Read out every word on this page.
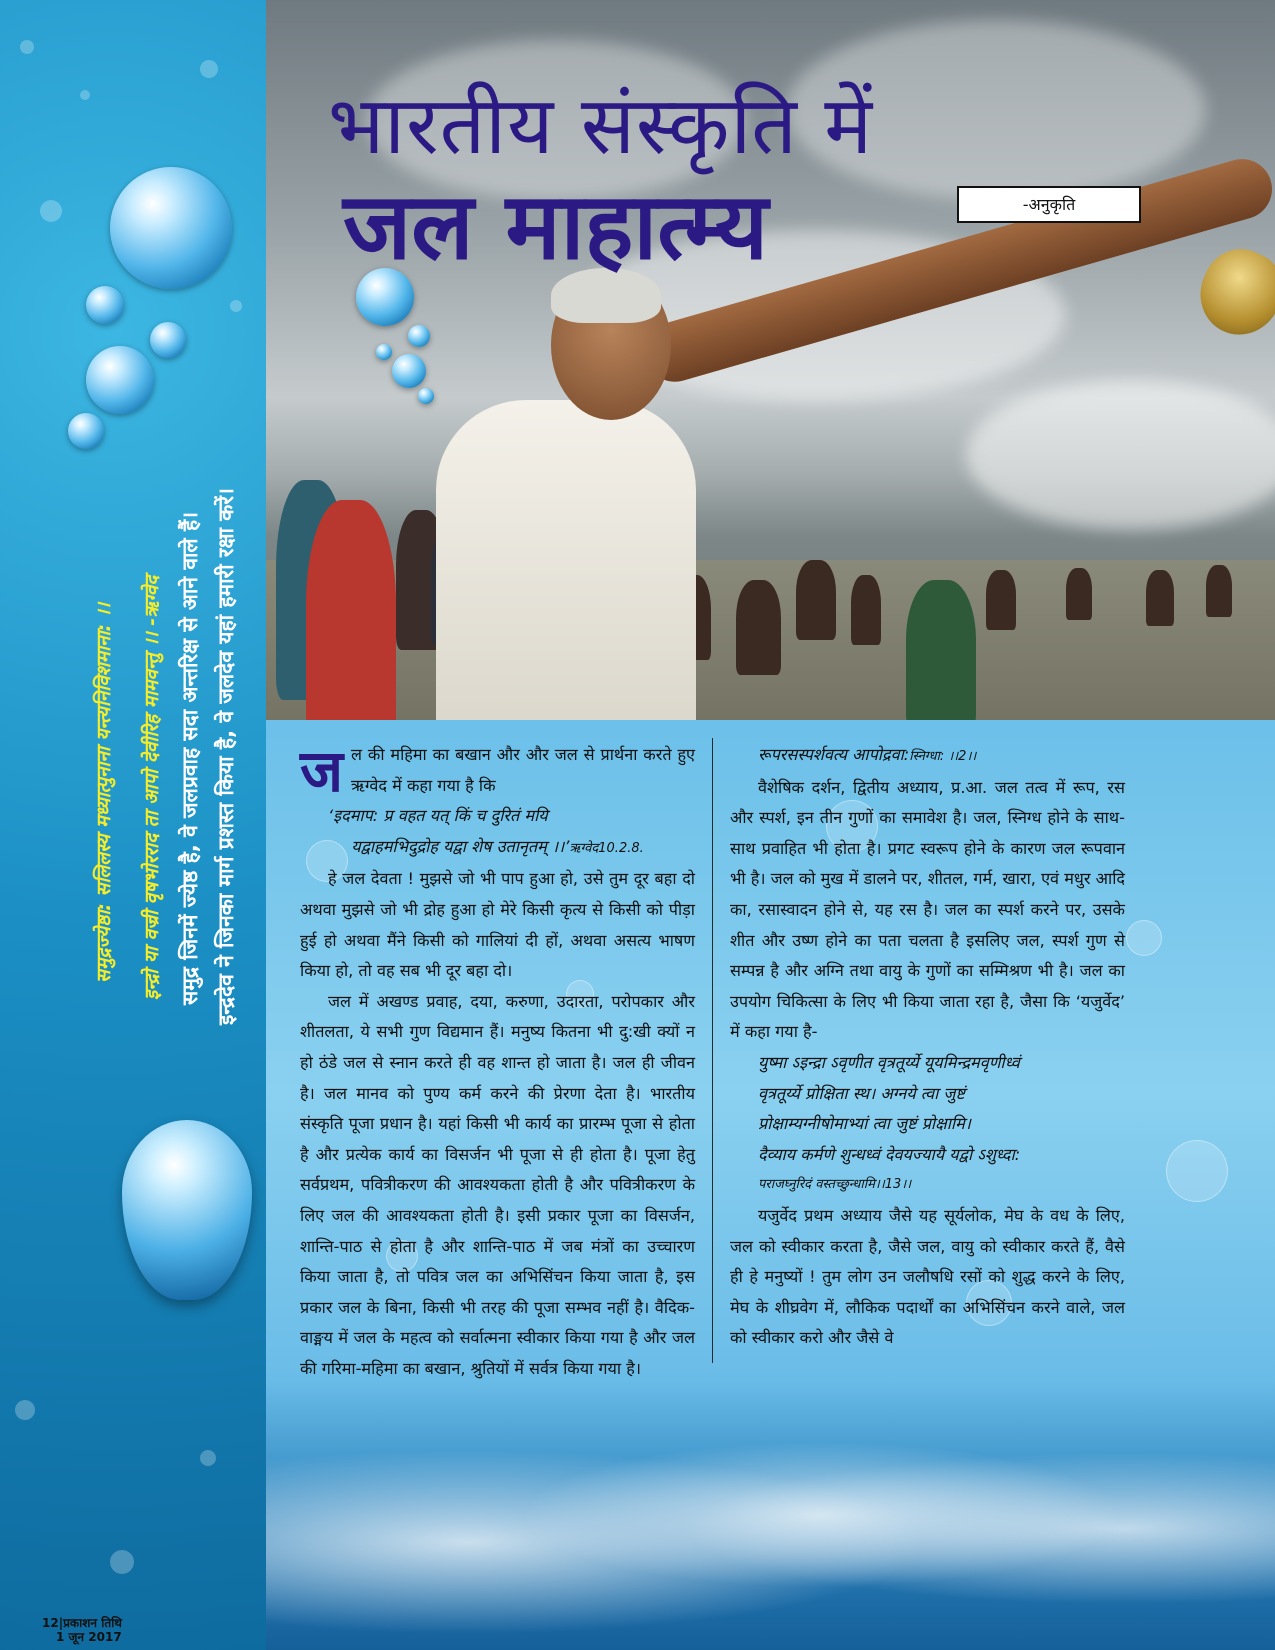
समुद्रज्येष्ठा: सलिलस्य मध्यात्पुनाना यन्त्यनिविशमाना: ।। इन्द्रो या वज्री वृषभोरराद ता आपो देवीरिह मामवन्तु ।। -ऋग्वेद समुद्र जिनमें ज्येष्ठ है, वे जलप्रवाह सदा अन्तरिक्ष से आने वाले हैं। इन्द्रदेव ने जिनका मार्ग प्रशस्त किया है, वे जलदेव यहां हमारी रक्षा करें।
भारतीय संस्कृति में
जल माहात्म्य	-अनुकृति

जल की महिमा का बखान और और जल से प्रार्थना करते हुए ऋग्वेद में कहा गया है कि

‘इदमाप: प्र वहत यत् किं च दुरितं मयि

यद्वाहमभिदुद्रोह यद्वा शेष उतानृतम् ।।’ऋग्वेद10.2.8.

हे जल देवता ! मुझसे जो भी पाप हुआ हो, उसे तुम दूर बहा दो अथवा मुझसे जो भी द्रोह हुआ हो मेरे किसी कृत्य से किसी को पीड़ा हुई हो अथवा मैंने किसी को गालियां दी हों, अथवा असत्य भाषण किया हो, तो वह सब भी दूर बहा दो।

जल में अखण्ड प्रवाह, दया, करुणा, उदारता, परोपकार और शीतलता, ये सभी गुण विद्यमान हैं। मनुष्य कितना भी दु:खी क्यों न हो ठंडे जल से स्नान करते ही वह शान्त हो जाता है। जल ही जीवन है। जल मानव को पुण्य कर्म करने की प्रेरणा देता है। भारतीय संस्कृति पूजा प्रधान है। यहां किसी भी कार्य का प्रारम्भ पूजा से होता है और प्रत्येक कार्य का विसर्जन भी पूजा से ही होता है। पूजा हेतु सर्वप्रथम, पवित्रीकरण की आवश्यकता होती है और पवित्रीकरण के लिए जल की आवश्यकता होती है। इसी प्रकार पूजा का विसर्जन, शान्ति-पाठ से होता है और शान्ति-पाठ में जब मंत्रों का उच्चारण किया जाता है, तो पवित्र जल का अभिसिंचन किया जाता है, इस प्रकार जल के बिना, किसी भी तरह की पूजा सम्भव नहीं है। वैदिक-वाङ्मय में जल के महत्व को सर्वात्मना स्वीकार किया गया है और जल की गरिमा-महिमा का बखान, श्रुतियों में सर्वत्र किया गया है।

रूपरसस्पर्शवत्य आपोद्रवा:स्निग्धा: ।।2।।

वैशेषिक दर्शन, द्वितीय अध्याय, प्र.आ. जल तत्व में रूप, रस और स्पर्श, इन तीन गुणों का समावेश है। जल, स्निग्ध होने के साथ-साथ प्रवाहित भी होता है। प्रगट स्वरूप होने के कारण जल रूपवान भी है। जल को मुख में डालने पर, शीतल, गर्म, खारा, एवं मधुर आदि का, रसास्वादन होने से, यह रस है। जल का स्पर्श करने पर, उसके शीत और उष्ण होने का पता चलता है इसलिए जल, स्पर्श गुण से सम्पन्न है और अग्नि तथा वायु के गुणों का सम्मिश्रण भी है। जल का उपयोग चिकित्सा के लिए भी किया जाता रहा है, जैसा कि ‘यजुर्वेद’ में कहा गया है-

युष्मा ऽइन्द्रा ऽवृणीत वृत्रतूर्य्ये यूयमिन्द्रमवृणीध्वं

वृत्रतूर्य्ये प्रोक्षिता स्थ। अग्नये त्वा जुष्टं

प्रोक्षाम्यग्नीषोमाभ्यां त्वा जुष्टं प्रोक्षामि।

दैव्याय कर्मणे शुन्धध्वं देवयज्यायै यद्वो ऽशुध्दा:

पराजघ्नुरिदं वस्तच्छुन्धामि।।13।।

यजुर्वेद प्रथम अध्याय जैसे यह सूर्यलोक, मेघ के वध के लिए, जल को स्वीकार करता है, जैसे जल, वायु को स्वीकार करते हैं, वैसे ही हे मनुष्यों ! तुम लोग उन जलौषधि रसों को शुद्ध करने के लिए, मेघ के शीघ्रवेग में, लौकिक पदार्थों का अभिसिंचन करने वाले, जल को स्वीकार करो और जैसे वे

12|प्रकाशन तिथि
1 जून 2017
